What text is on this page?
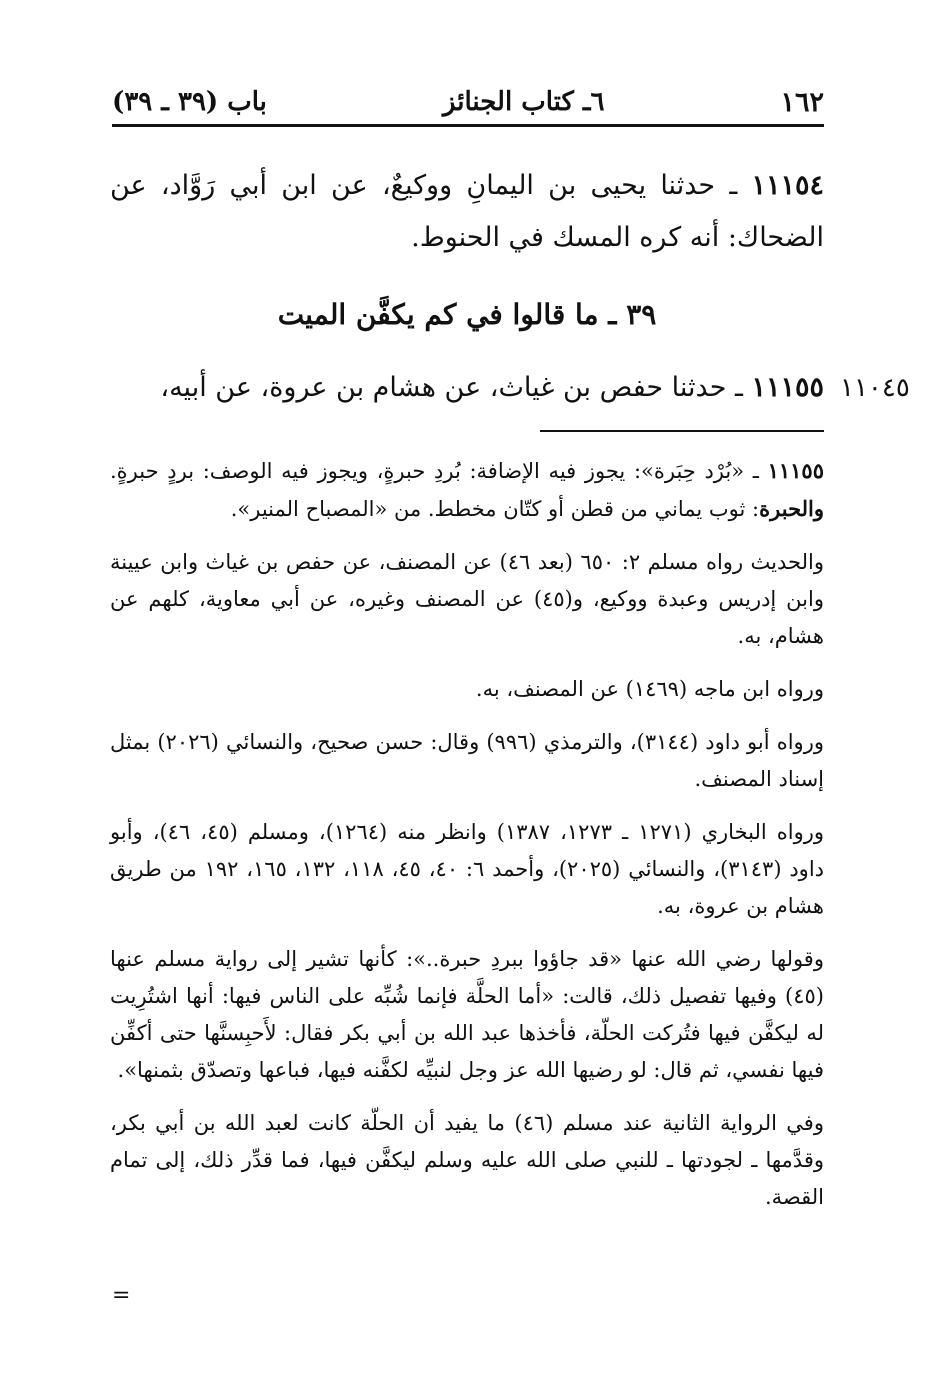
١٦٢
٦ـ كتاب الجنائز
باب (٣٩ ـ ٣٩)
١١١٥٤ ـ حدثنا يحيى بن اليمانِ ووكيعٌ، عن ابن أبي رَوَّاد، عن الضحاك: أنه كره المسك في الحنوط.
٣٩ ـ ما قالوا في كم يكفَّن الميت
١١٠٤٥
١١١٥٥ ـ حدثنا حفص بن غياث، عن هشام بن عروة، عن أبيه،

١١١٥٥ ـ «بُرْد حِبَرة»: يجوز فيه الإضافة: بُردِ حبرةٍ، ويجوز فيه الوصف: بردٍ حبرةٍ. والحبرة: ثوب يماني من قطن أو كتّان مخطط. من «المصباح المنير».

والحديث رواه مسلم ٢: ٦٥٠ (بعد ٤٦) عن المصنف، عن حفص بن غياث وابن عيينة وابن إدريس وعبدة ووكيع، و(٤٥) عن المصنف وغيره، عن أبي معاوية، كلهم عن هشام، به.

ورواه ابن ماجه (١٤٦٩) عن المصنف، به.

ورواه أبو داود (٣١٤٤)، والترمذي (٩٩٦) وقال: حسن صحيح، والنسائي (٢٠٢٦) بمثل إسناد المصنف.

ورواه البخاري (١٢٧١ ـ ١٢٧٣، ١٣٨٧) وانظر منه (١٢٦٤)، ومسلم (٤٥، ٤٦)، وأبو داود (٣١٤٣)، والنسائي (٢٠٢٥)، وأحمد ٦: ٤٠، ٤٥، ١١٨، ١٣٢، ١٦٥، ١٩٢ من طريق هشام بن عروة، به.

وقولها رضي الله عنها «قد جاؤوا ببردِ حبرة..»: كأنها تشير إلى رواية مسلم عنها (٤٥) وفيها تفصيل ذلك، قالت: «أما الحلَّة فإنما شُبِّه على الناس فيها: أنها اشتُرِيت له ليكفَّن فيها فتُركت الحلّة، فأخذها عبد الله بن أبي بكر فقال: لأَحبِسنَّها حتى أكفِّن فيها نفسي، ثم قال: لو رضيها الله عز وجل لنبيِّه لكفَّنه فيها، فباعها وتصدّق بثمنها».

وفي الرواية الثانية عند مسلم (٤٦) ما يفيد أن الحلّة كانت لعبد الله بن أبي بكر، وقدَّمها ـ لجودتها ـ للنبي صلى الله عليه وسلم ليكفَّن فيها، فما قدِّر ذلك، إلى تمام القصة.

=
